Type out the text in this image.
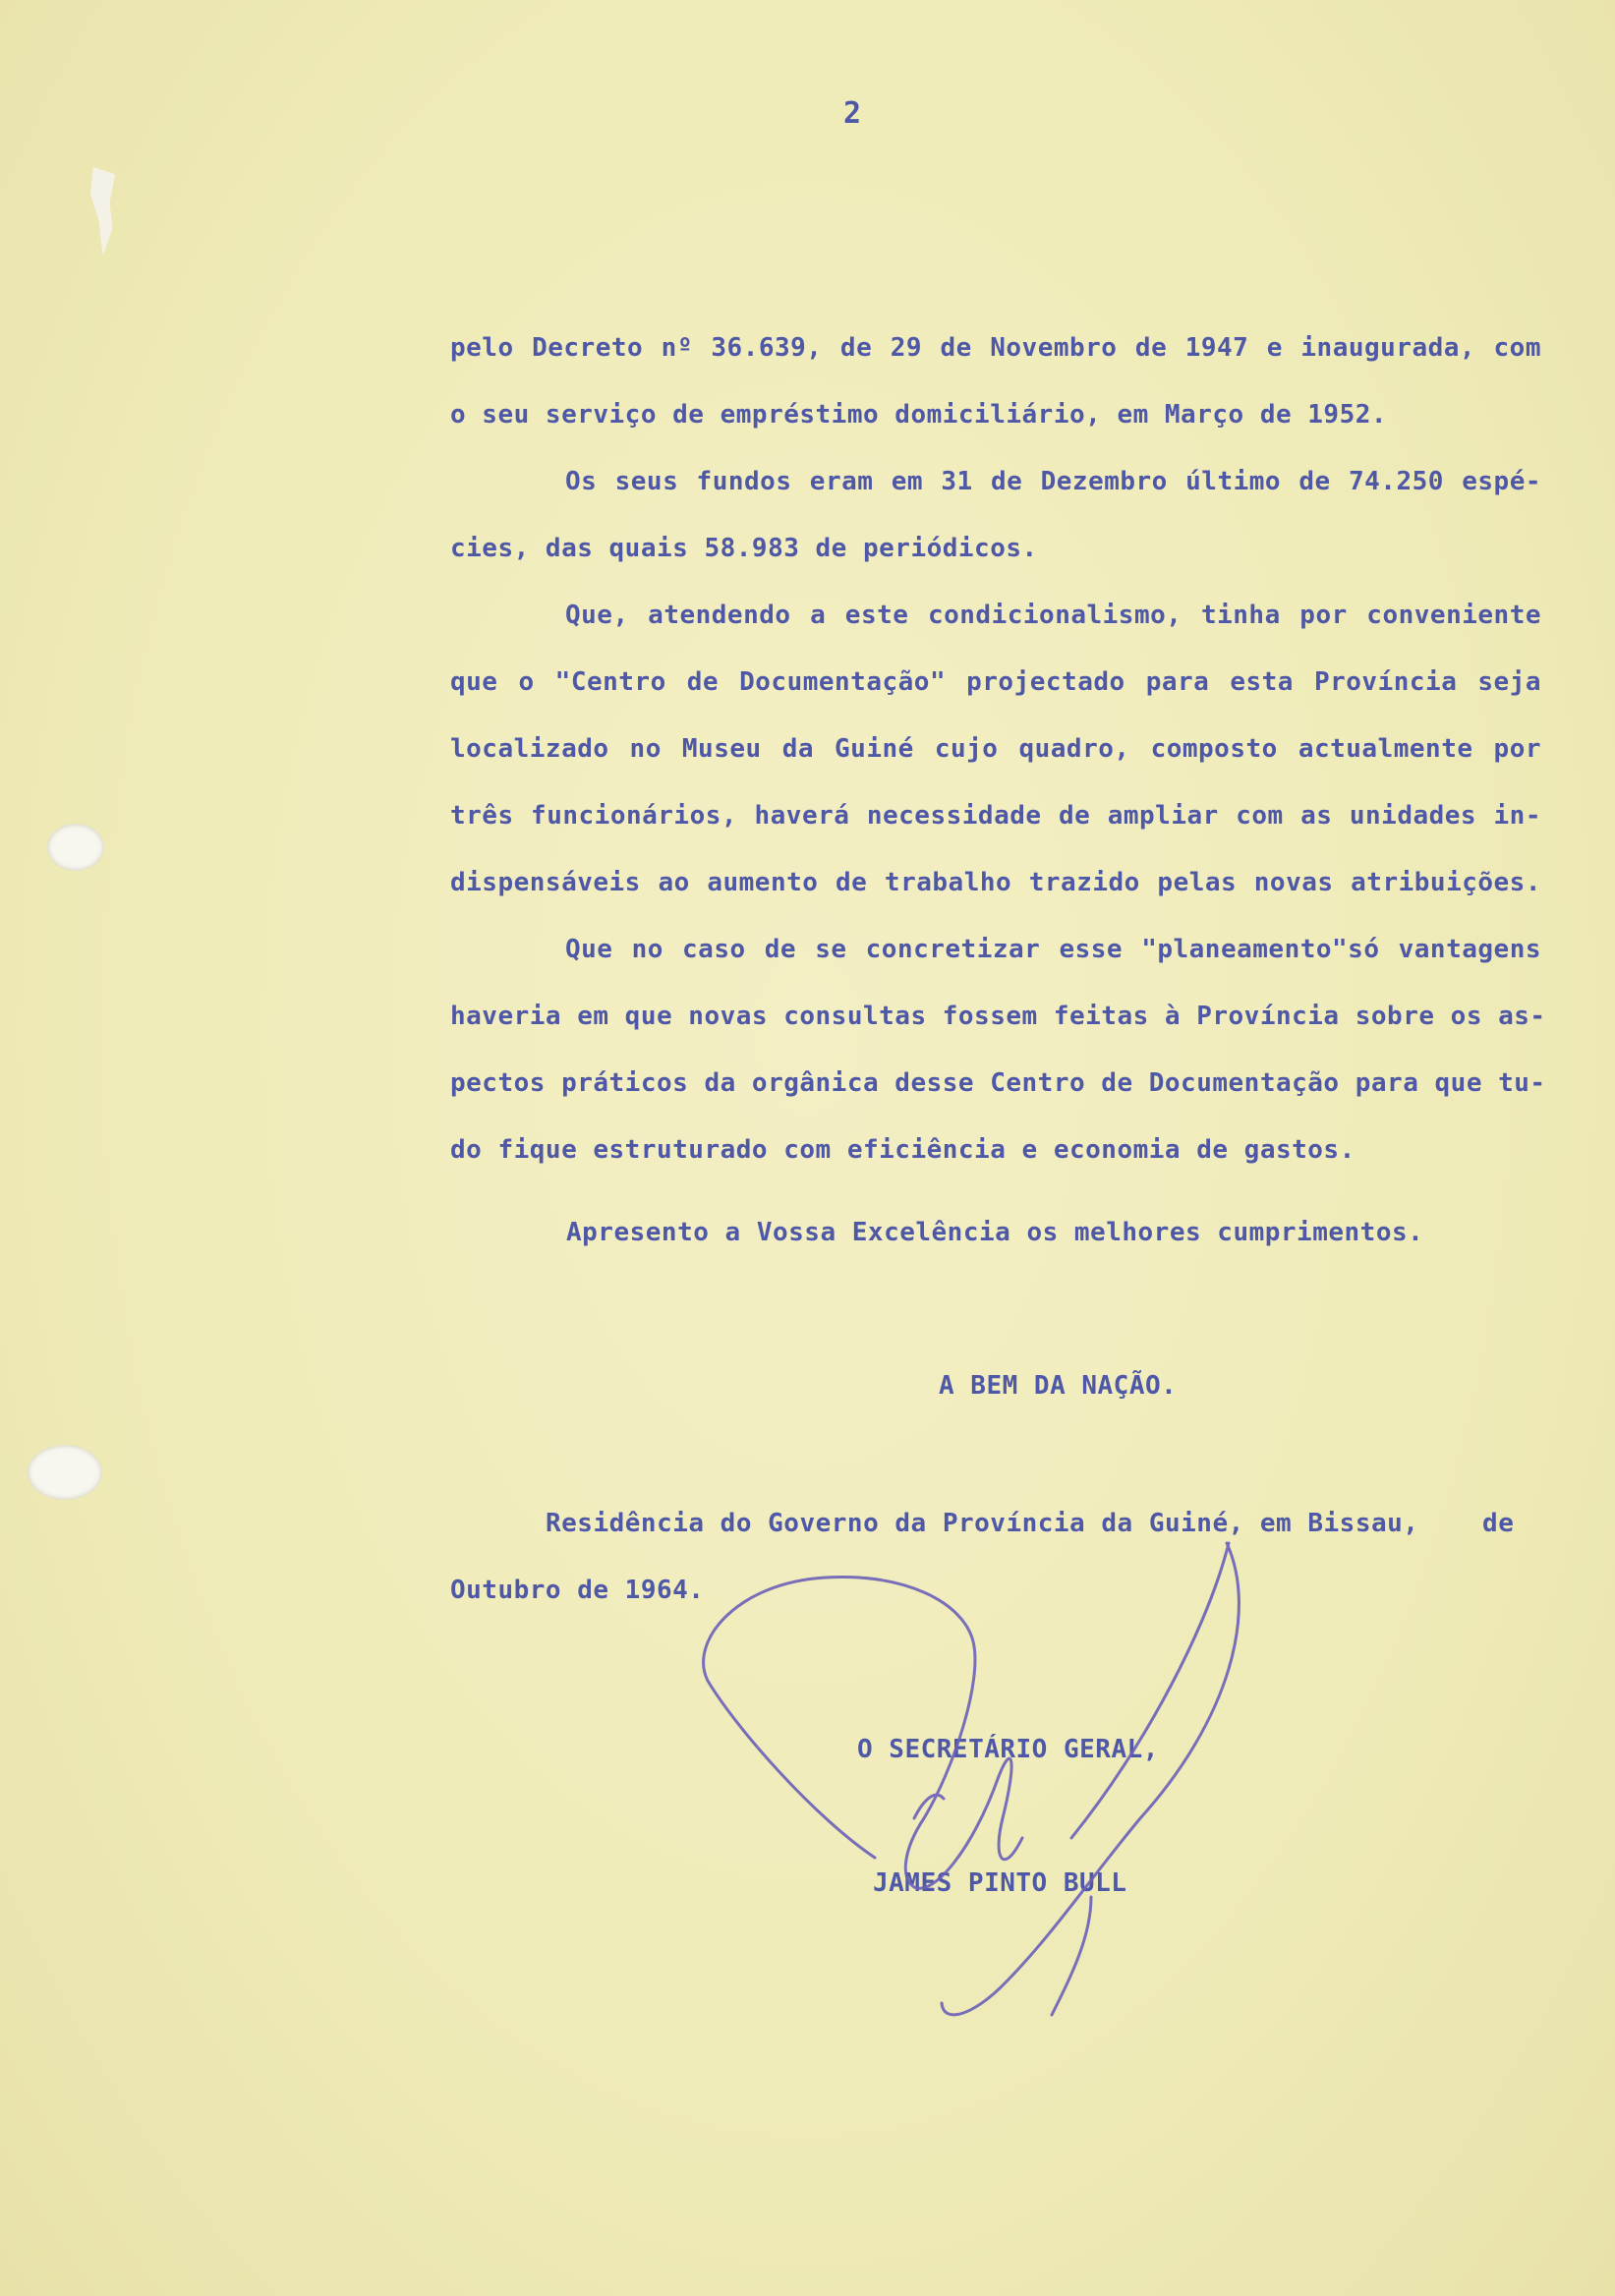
2
pelo Decreto nº 36.639, de 29 de Novembro de 1947 e inaugurada, com
o seu serviço de empréstimo domiciliário, em Março de 1952.
Os seus fundos eram em 31 de Dezembro último de 74.250 espé-
cies, das quais 58.983 de periódicos.
Que, atendendo a este condicionalismo, tinha por conveniente
que o "Centro de Documentação" projectado para esta Província seja
localizado no Museu da Guiné cujo quadro, composto actualmente por
três funcionários, haverá necessidade de ampliar com as unidades in-
dispensáveis ao aumento de trabalho trazido pelas novas atribuições.
Que no caso de se concretizar esse "planeamento"só vantagens
haveria em que novas consultas fossem feitas à Província sobre os as-
pectos práticos da orgânica desse Centro de Documentação para que tu-
do fique estruturado com eficiência e economia de gastos.
Apresento a Vossa Excelência os melhores cumprimentos.
A BEM DA NAÇÃO.
Residência do Governo da Província da Guiné, em Bissau,    de
Outubro de 1964.
O SECRETÁRIO GERAL,
JAMES PINTO BULL
